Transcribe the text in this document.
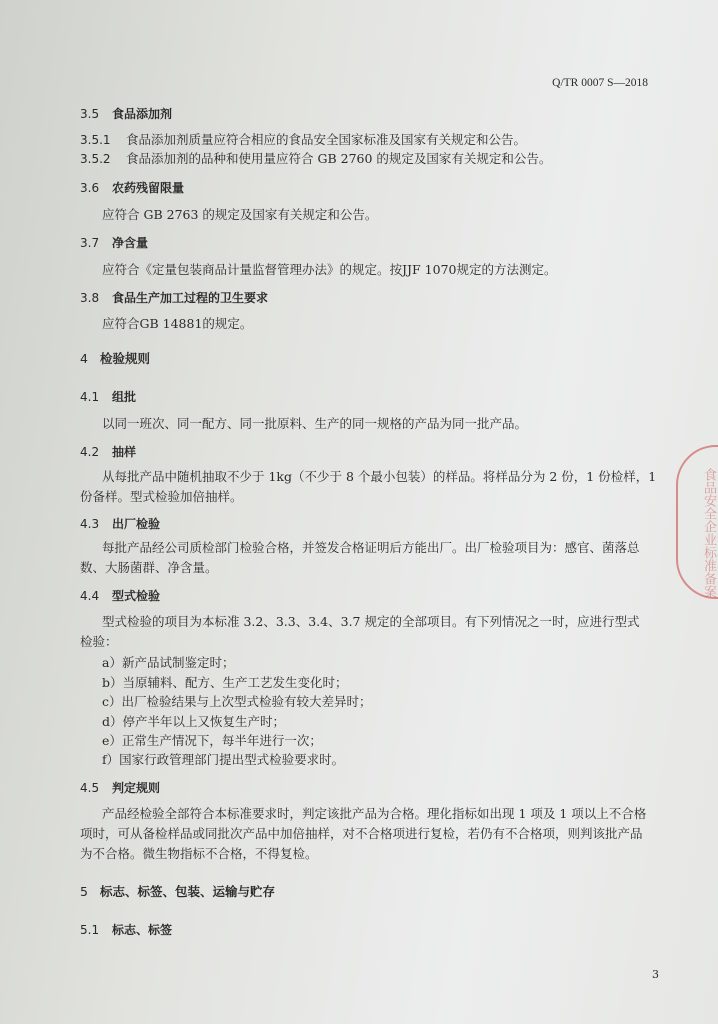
Q/TR 0007 S—2018
食品安全企业标准备案
3.5 食品添加剂
3.5.1 食品添加剂质量应符合相应的食品安全国家标准及国家有关规定和公告。
3.5.2 食品添加剂的品种和使用量应符合 GB 2760 的规定及国家有关规定和公告。
3.6 农药残留限量
应符合 GB 2763 的规定及国家有关规定和公告。
3.7 净含量
应符合《定量包装商品计量监督管理办法》的规定。按JJF 1070规定的方法测定。
3.8 食品生产加工过程的卫生要求
应符合GB 14881的规定。
4 检验规则
4.1 组批
以同一班次、同一配方、同一批原料、生产的同一规格的产品为同一批产品。
4.2 抽样
从每批产品中随机抽取不少于 1kg（不少于 8 个最小包装）的样品。将样品分为 2 份，1 份检样，1
份备样。型式检验加倍抽样。
4.3 出厂检验
每批产品经公司质检部门检验合格，并签发合格证明后方能出厂。出厂检验项目为：感官、菌落总
数、大肠菌群、净含量。
4.4 型式检验
型式检验的项目为本标准 3.2、3.3、3.4、3.7 规定的全部项目。有下列情况之一时，应进行型式
检验：
a）新产品试制鉴定时；
b）当原辅料、配方、生产工艺发生变化时；
c）出厂检验结果与上次型式检验有较大差异时；
d）停产半年以上又恢复生产时；
e）正常生产情况下，每半年进行一次；
f）国家行政管理部门提出型式检验要求时。
4.5 判定规则
产品经检验全部符合本标准要求时，判定该批产品为合格。理化指标如出现 1 项及 1 项以上不合格
项时，可从备检样品或同批次产品中加倍抽样，对不合格项进行复检，若仍有不合格项，则判该批产品
为不合格。微生物指标不合格，不得复检。
5 标志、标签、包装、运输与贮存
5.1 标志、标签
3
